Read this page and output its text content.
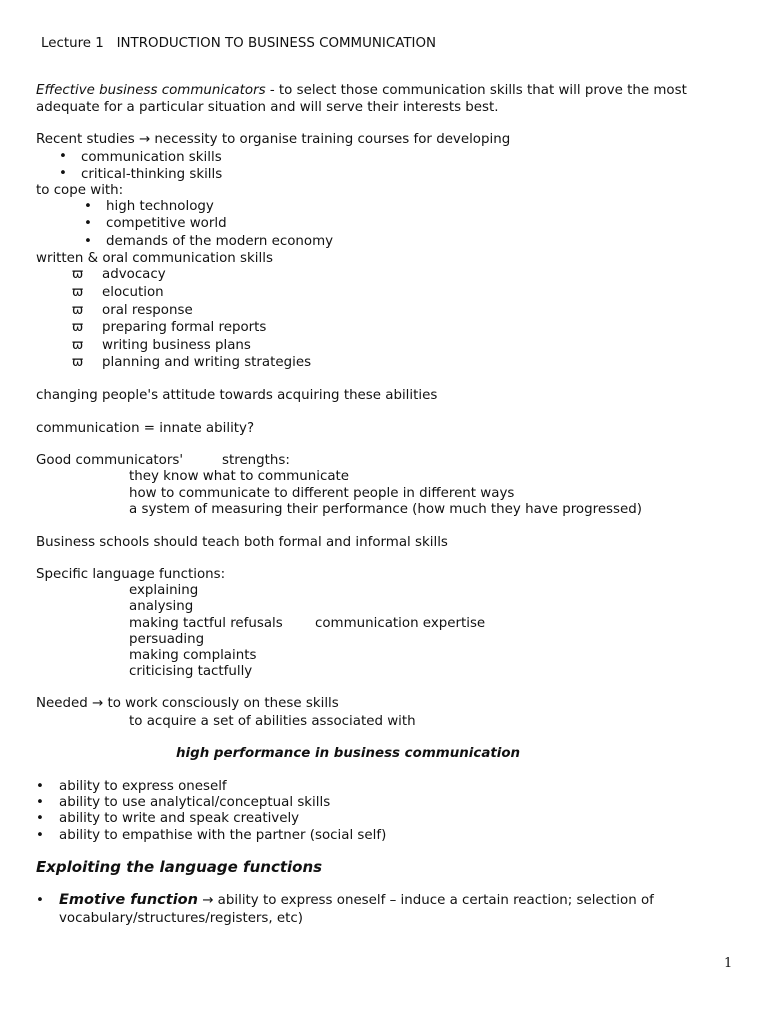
Lecture 1 INTRODUCTION TO BUSINESS COMMUNICATION
Effective business communicators - to select those communication skills that will prove the most
adequate for a particular situation and will serve their interests best.
Recent studies → necessity to organise training courses for developing
• communication skills
• critical-thinking skills
to cope with:
• high technology
• competitive world
• demands of the modern economy
written & oral communication skills
ϖ advocacy
ϖ elocution
ϖ oral response
ϖ preparing formal reports
ϖ writing business plans
ϖ planning and writing strategies
changing people's attitude towards acquiring these abilities
communication = innate ability?
Good communicators'	strengths:
they know what to communicate
how to communicate to different people in different ways
a system of measuring their performance (how much they have progressed)
Business schools should teach both formal and informal skills
Specific language functions:
explaining
analysing
making tactful refusals communication expertise
persuading
making complaints
criticising tactfully
Needed → to work consciously on these skills
to acquire a set of abilities associated with
high performance in business communication
• ability to express oneself
• ability to use analytical/conceptual skills
• ability to write and speak creatively
• ability to empathise with the partner (social self)
Exploiting the language functions
• Emotive function → ability to express oneself – induce a certain reaction; selection of
vocabulary/structures/registers, etc)
1
